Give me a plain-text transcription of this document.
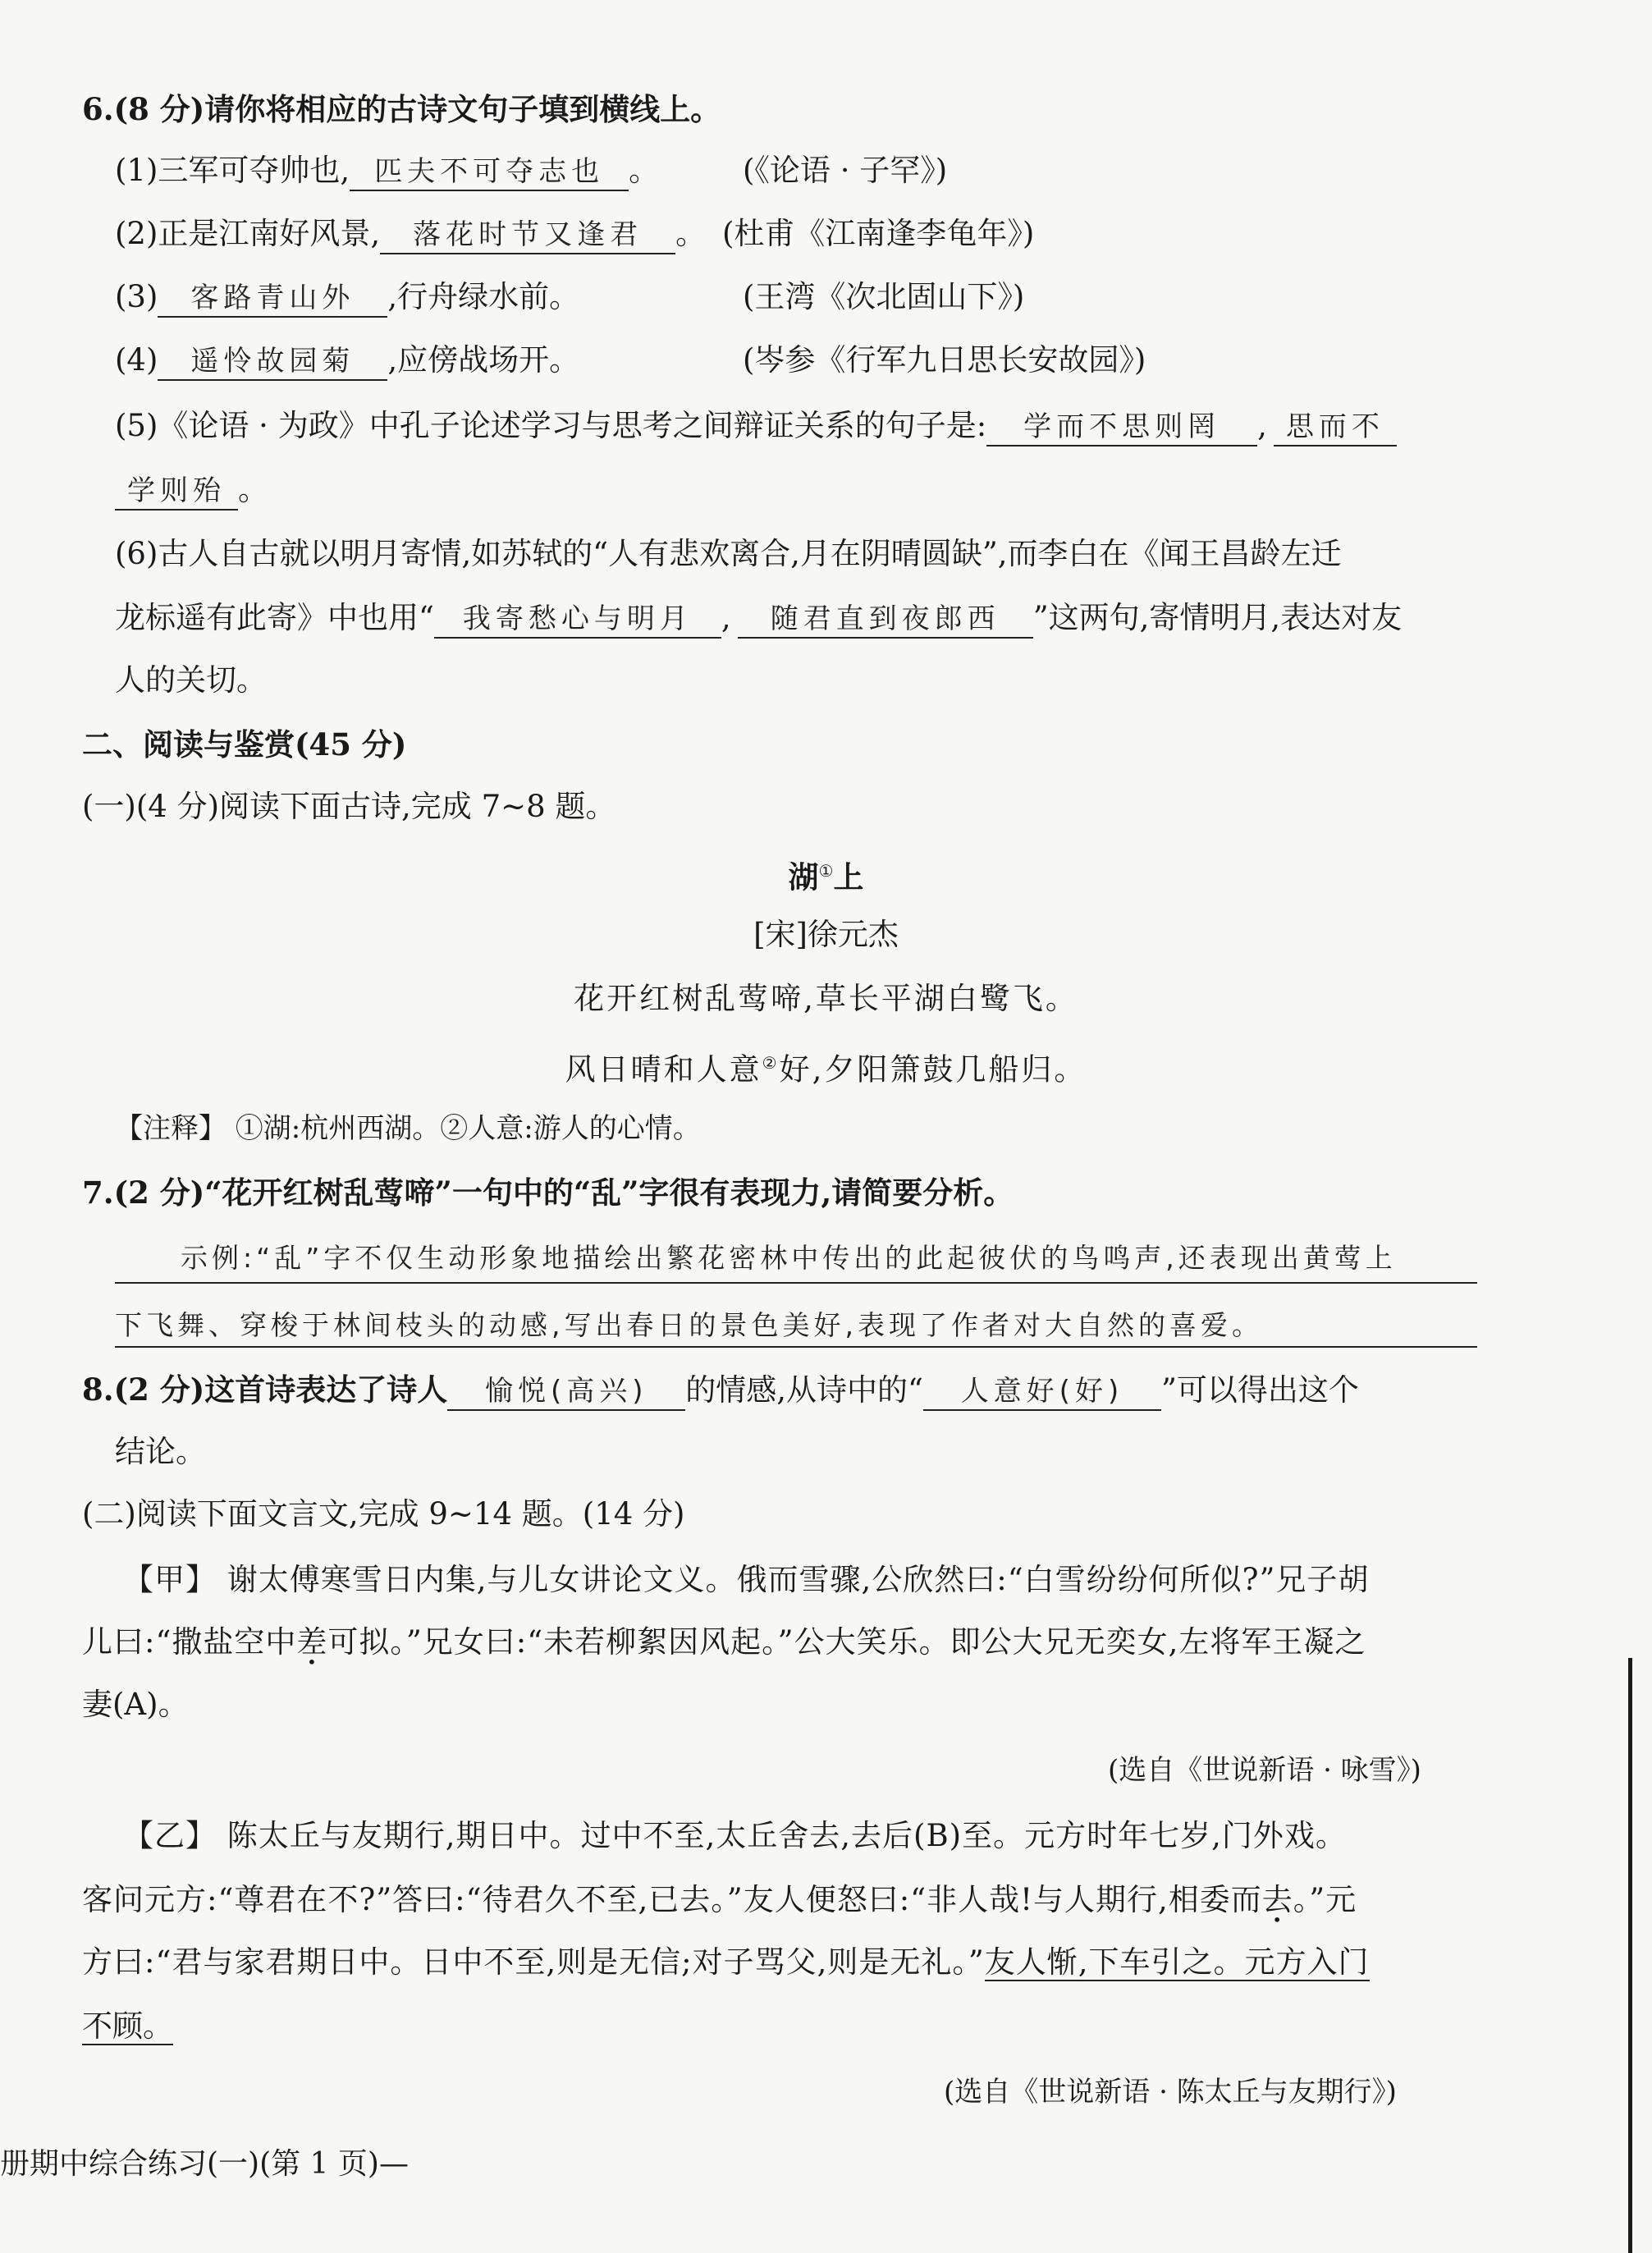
6.(8 分)请你将相应的古诗文句子填到横线上。
(1)三军可夺帅也, 匹夫不可夺志也 。	(《论语 · 子罕》)
(2)正是江南好风景, 落花时节又逢君 。 (杜甫《江南逢李龟年》)
(3) 客路青山外 ,行舟绿水前。	(王湾《次北固山下》)
(4) 遥怜故园菊 ,应傍战场开。	(岑参《行军九日思长安故园》)
(5)《论语 · 为政》中孔子论述学习与思考之间辩证关系的句子是: 学而不思则罔 , 思而不
学则殆 。
(6)古人自古就以明月寄情,如苏轼的“人有悲欢离合,月在阴晴圆缺”,而李白在《闻王昌龄左迁
龙标遥有此寄》中也用“ 我寄愁心与明月 , 随君直到夜郎西 ”这两句,寄情明月,表达对友
人的关切。
二、阅读与鉴赏(45 分)
(一)(4 分)阅读下面古诗,完成 7~8 题。
湖①上
[宋]徐元杰
花开红树乱莺啼,草长平湖白鹭飞。
风日晴和人意②好,夕阳箫鼓几船归。
【注释】 ①湖:杭州西湖。②人意:游人的心情。
7.(2 分)“花开红树乱莺啼”一句中的“乱”字很有表现力,请简要分析。
示例:“乱”字不仅生动形象地描绘出繁花密林中传出的此起彼伏的鸟鸣声,还表现出黄莺上
下飞舞、穿梭于林间枝头的动感,写出春日的景色美好,表现了作者对大自然的喜爱。
8.(2 分)这首诗表达了诗人 愉悦(高兴) 的情感,从诗中的“ 人意好(好) ”可以得出这个
结论。
(二)阅读下面文言文,完成 9~14 题。(14 分)
【甲】 谢太傅寒雪日内集,与儿女讲论文义。俄而雪骤,公欣然曰:“白雪纷纷何所似?”兄子胡
儿曰:“撒盐空中差可拟。”兄女曰:“未若柳絮因风起。”公大笑乐。即公大兄无奕女,左将军王凝之
妻(A)。
(选自《世说新语 · 咏雪》)
【乙】 陈太丘与友期行,期日中。过中不至,太丘舍去,去后(B)至。元方时年七岁,门外戏。
客问元方:“尊君在不?”答曰:“待君久不至,已去。”友人便怒曰:“非人哉!与人期行,相委而去。”元
方曰:“君与家君期日中。日中不至,则是无信;对子骂父,则是无礼。”友人惭,下车引之。元方入门
不顾。
(选自《世说新语 · 陈太丘与友期行》)
册期中综合练习(一)(第 1 页)—
